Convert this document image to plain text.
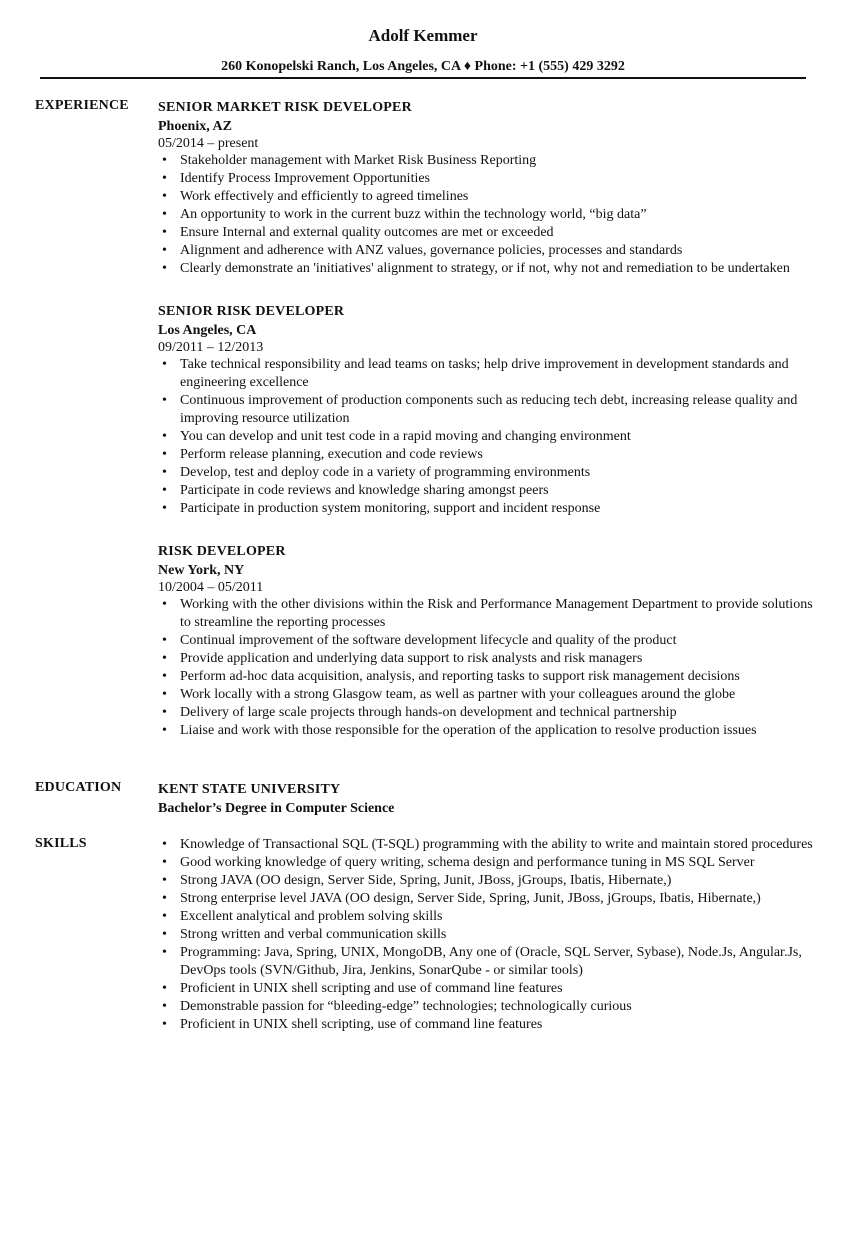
Adolf Kemmer
260 Konopelski Ranch, Los Angeles, CA ♦ Phone: +1 (555) 429 3292
EXPERIENCE SENIOR MARKET RISK DEVELOPER
Phoenix, AZ
05/2014 – present
• Stakeholder management with Market Risk Business Reporting
• Identify Process Improvement Opportunities
• Work effectively and efficiently to agreed timelines
• An opportunity to work in the current buzz within the technology world, “big data”
• Ensure Internal and external quality outcomes are met or exceeded
• Alignment and adherence with ANZ values, governance policies, processes and standards
• Clearly demonstrate an 'initiatives' alignment to strategy, or if not, why not and remediation to be undertaken
SENIOR RISK DEVELOPER
Los Angeles, CA
09/2011 – 12/2013
• Take technical responsibility and lead teams on tasks; help drive improvement in development standards and engineering excellence
• Continuous improvement of production components such as reducing tech debt, increasing release quality and improving resource utilization
• You can develop and unit test code in a rapid moving and changing environment
• Perform release planning, execution and code reviews
• Develop, test and deploy code in a variety of programming environments
• Participate in code reviews and knowledge sharing amongst peers
• Participate in production system monitoring, support and incident response
RISK DEVELOPER
New York, NY
10/2004 – 05/2011
• Working with the other divisions within the Risk and Performance Management Department to provide solutions to streamline the reporting processes
• Continual improvement of the software development lifecycle and quality of the product
• Provide application and underlying data support to risk analysts and risk managers
• Perform ad-hoc data acquisition, analysis, and reporting tasks to support risk management decisions
• Work locally with a strong Glasgow team, as well as partner with your colleagues around the globe
• Delivery of large scale projects through hands-on development and technical partnership
• Liaise and work with those responsible for the operation of the application to resolve production issues
EDUCATION	KENT STATE UNIVERSITY
Bachelor’s Degree in Computer Science
SKILLS
•	Knowledge of Transactional SQL (T-SQL) programming with the ability to write and maintain stored procedures
• Good working knowledge of query writing, schema design and performance tuning in MS SQL Server
• Strong JAVA (OO design, Server Side, Spring, Junit, JBoss, jGroups, Ibatis, Hibernate,)
• Strong enterprise level JAVA (OO design, Server Side, Spring, Junit, JBoss, jGroups, Ibatis, Hibernate,)
• Excellent analytical and problem solving skills
• Strong written and verbal communication skills
• Programming: Java, Spring, UNIX, MongoDB, Any one of (Oracle, SQL Server, Sybase), Node.Js, Angular.Js, DevOps tools (SVN/Github, Jira, Jenkins, SonarQube - or similar tools)
• Proficient in UNIX shell scripting and use of command line features
• Demonstrable passion for “bleeding-edge” technologies; technologically curious
• Proficient in UNIX shell scripting, use of command line features
